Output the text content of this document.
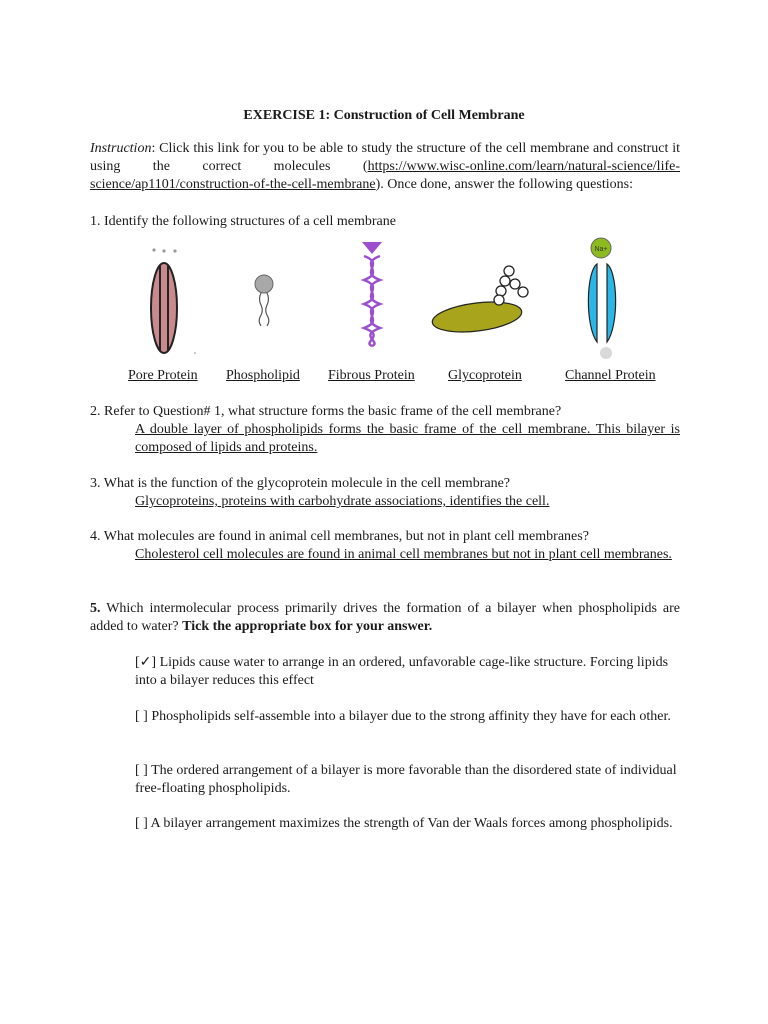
EXERCISE 1: Construction of Cell Membrane
Instruction: Click this link for you to be able to study the structure of the cell membrane and construct it using the correct molecules (https://www.wisc-online.com/learn/natural-science/life-science/ap1101/construction-of-the-cell-membrane). Once done, answer the following questions:
1. Identify the following structures of a cell membrane
Na+
Pore Protein Phospholipid Fibrous Protein Glycoprotein	Channel Protein
2. Refer to Question# 1, what structure forms the basic frame of the cell membrane?
A double layer of phospholipids forms the basic frame of the cell membrane. This bilayer is composed of lipids and proteins.
3. What is the function of the glycoprotein molecule in the cell membrane?
Glycoproteins, proteins with carbohydrate associations, identifies the cell.
4. What molecules are found in animal cell membranes, but not in plant cell membranes?
Cholesterol cell molecules are found in animal cell membranes but not in plant cell membranes.
5. Which intermolecular process primarily drives the formation of a bilayer when phospholipids are added to water? Tick the appropriate box for your answer.
[✓] Lipids cause water to arrange in an ordered, unfavorable cage-like structure. Forcing lipids into a bilayer reduces this effect
[ ] Phospholipids self-assemble into a bilayer due to the strong affinity they have for each other.
[ ] The ordered arrangement of a bilayer is more favorable than the disordered state of individual free-floating phospholipids.
[ ] A bilayer arrangement maximizes the strength of Van der Waals forces among phospholipids.
